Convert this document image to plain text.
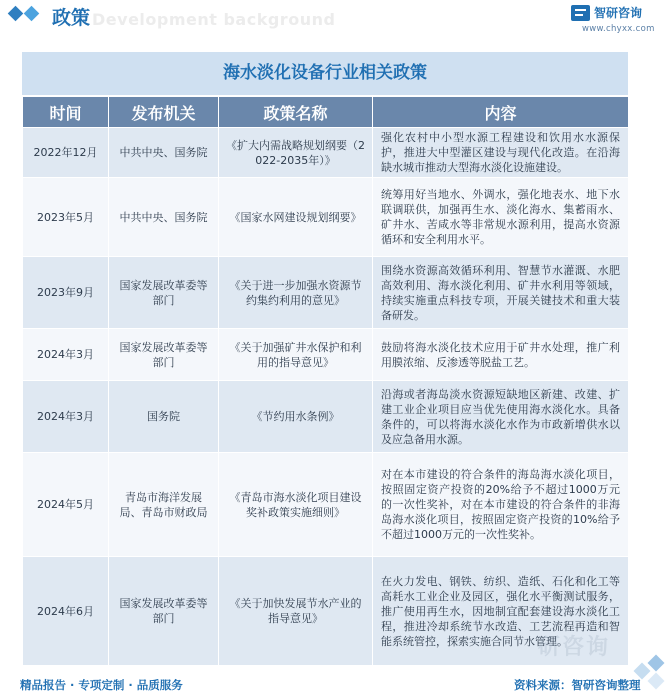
Development background
政策	智研咨询
www.chyxx.com
海水淡化设备行业相关政策
时间	发布机关	政策名称	内容
2022年12月	中共中央、国务院	《扩大内需战略规划纲要（2022-2035年）》	强化农村中小型水源工程建设和饮用水水源保护，推进大中型灌区建设与现代化改造。在沿海缺水城市推动大型海水淡化设施建设。
2023年5月	中共中央、国务院	《国家水网建设规划纲要》	统筹用好当地水、外调水，强化地表水、地下水联调联供，加强再生水、淡化海水、集蓄雨水、矿井水、苦咸水等非常规水源利用，提高水资源循环和安全利用水平。
2023年9月	国家发展改革委等部门	《关于进一步加强水资源节约集约利用的意见》	围绕水资源高效循环利用、智慧节水灌溉、水肥高效利用、海水淡化利用、矿井水利用等领域，持续实施重点科技专项，开展关键技术和重大装备研发。
2024年3月	国家发展改革委等部门	《关于加强矿井水保护和利用的指导意见》	鼓励将海水淡化技术应用于矿井水处理，推广利用膜浓缩、反渗透等脱盐工艺。
2024年3月	国务院	《节约用水条例》	沿海或者海岛淡水资源短缺地区新建、改建、扩建工业企业项目应当优先使用海水淡化水。具备条件的，可以将海水淡化水作为市政新增供水以及应急备用水源。
2024年5月	青岛市海洋发展局、青岛市财政局	《青岛市海水淡化项目建设奖补政策实施细则》	对在本市建设的符合条件的海岛海水淡化项目，按照固定资产投资的20%给予不超过1000万元的一次性奖补，对在本市建设的符合条件的非海岛海水淡化项目，按照固定资产投资的10%给予不超过1000万元的一次性奖补。
2024年6月	国家发展改革委等部门	《关于加快发展节水产业的指导意见》	在火力发电、钢铁、纺织、造纸、石化和化工等高耗水工业企业及园区，强化水平衡测试服务，推广使用再生水，因地制宜配套建设海水淡化工程，推进冷却系统节水改造、工艺流程再造和智能系统管控，探索实施合同节水管理。
研咨询
精品报告 · 专项定制 · 品质服务	资料来源：智研咨询整理
